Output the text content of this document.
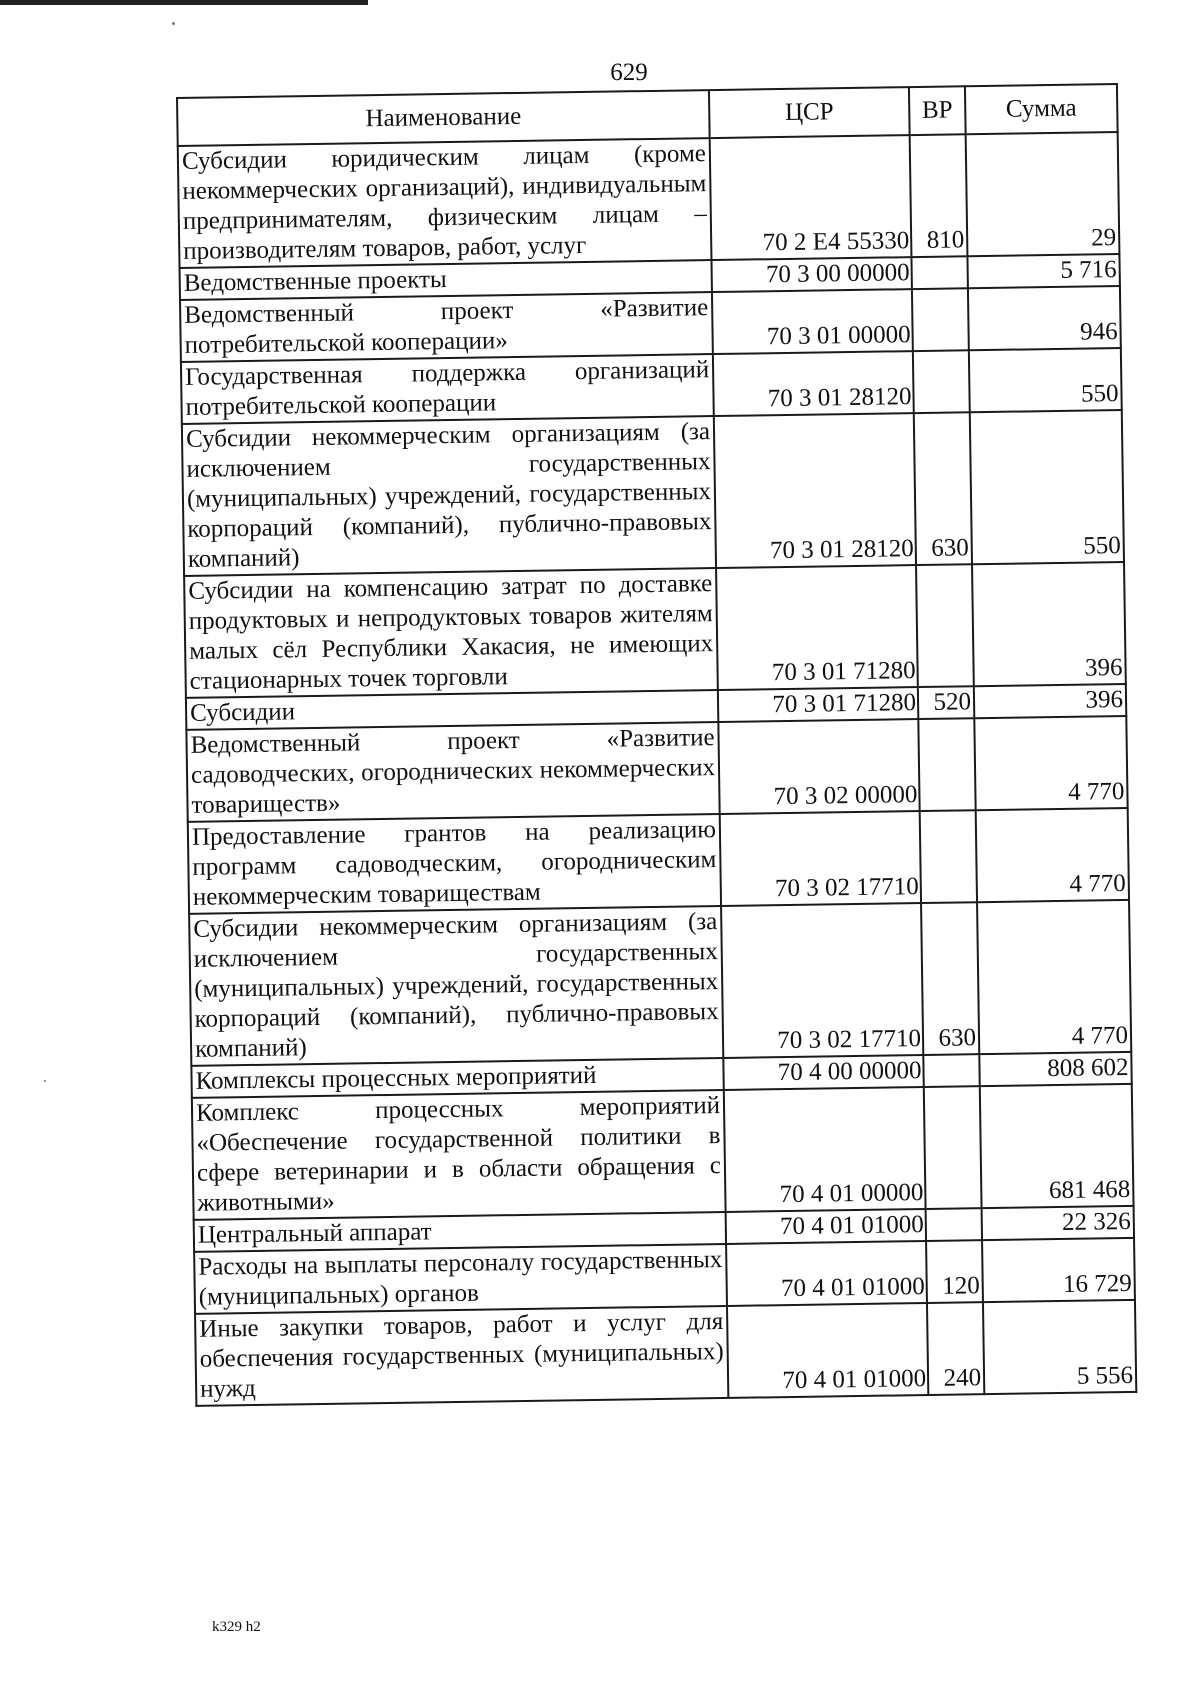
629
Наименование	ЦСР	ВР	Сумма
Субсидии юридическим лицам (кроме некоммерческих организаций), индивидуальным предпринимателям, физическим лицам – производителям товаров, работ, услуг	70 2 Е4 55330	810	29
Ведомственные проекты	70 3 00 00000		5 716
Ведомственный проект «Развитие потребительской кооперации»	70 3 01 00000		946
Государственная поддержка организаций потребительской кооперации	70 3 01 28120		550
Субсидии некоммерческим организациям (за исключением государственных (муниципальных) учреждений, государственных корпораций (компаний), публично-правовых компаний)	70 3 01 28120	630	550
Субсидии на компенсацию затрат по доставке продуктовых и непродуктовых товаров жителям малых сёл Республики Хакасия, не имеющих стационарных точек торговли	70 3 01 71280		396
Субсидии	70 3 01 71280	520	396
Ведомственный проект «Развитие садоводческих, огороднических некоммерческих товариществ»	70 3 02 00000		4 770
Предоставление грантов на реализацию программ садоводческим, огородническим некоммерческим товариществам	70 3 02 17710		4 770
Субсидии некоммерческим организациям (за исключением государственных (муниципальных) учреждений, государственных корпораций (компаний), публично-правовых компаний)	70 3 02 17710	630	4 770
Комплексы процессных мероприятий	70 4 00 00000		808 602
Комплекс процессных мероприятий «Обеспечение государственной политики в сфере ветеринарии и в области обращения с животными»	70 4 01 00000		681 468
Центральный аппарат	70 4 01 01000		22 326
Расходы на выплаты персоналу государственных (муниципальных) органов	70 4 01 01000	120	16 729
Иные закупки товаров, работ и услуг для обеспечения государственных (муниципальных) нужд	70 4 01 01000	240	5 556
k329 h2
